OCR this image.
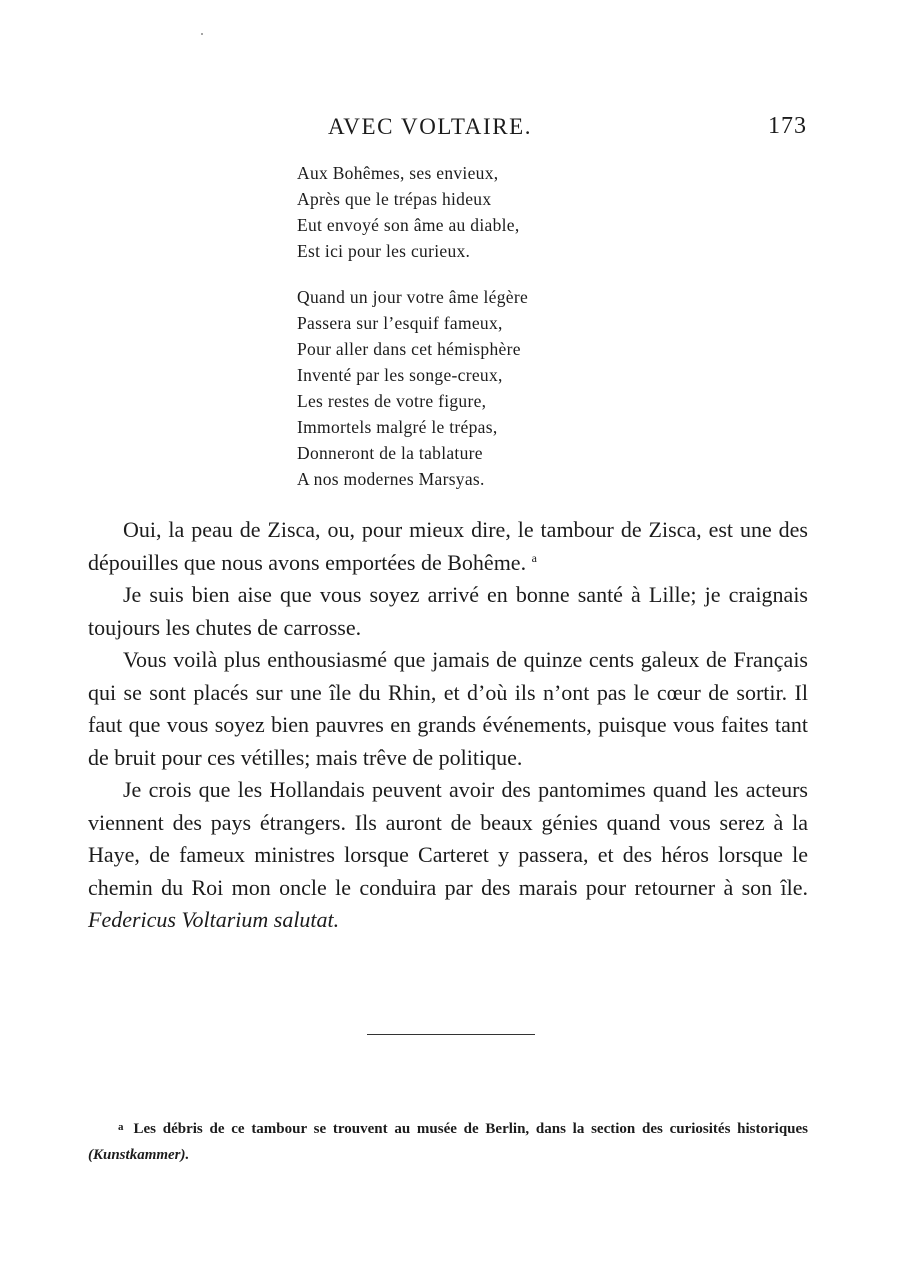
AVEC VOLTAIRE.	173
Aux Bohêmes, ses envieux,
Après que le trépas hideux
Eut envoyé son âme au diable,
Est ici pour les curieux.
Quand un jour votre âme légère
Passera sur l’esquif fameux,
Pour aller dans cet hémisphère
Inventé par les songe-creux,
Les restes de votre figure,
Immortels malgré le trépas,
Donneront de la tablature
A nos modernes Marsyas.

Oui, la peau de Zisca, ou, pour mieux dire, le tambour de Zisca, est une des dépouilles que nous avons emportées de Bohême. $^a$

Je suis bien aise que vous soyez arrivé en bonne santé à Lille; je craignais toujours les chutes de carrosse.

Vous voilà plus enthousiasmé que jamais de quinze cents galeux de Français qui se sont placés sur une île du Rhin, et d’où ils n’ont pas le cœur de sortir. Il faut que vous soyez bien pauvres en grands événements, puisque vous faites tant de bruit pour ces vétilles; mais trêve de politique.

Je crois que les Hollandais peuvent avoir des pantomimes quand les acteurs viennent des pays étrangers. Ils auront de beaux génies quand vous serez à la Haye, de fameux ministres lorsque Carteret y passera, et des héros lorsque le chemin du Roi mon oncle le conduira par des marais pour retourner à son île. Federicus Voltarium salutat.

$^a$ Les débris de ce tambour se trouvent au musée de Berlin, dans la section des curiosités historiques (Kunstkammer).
